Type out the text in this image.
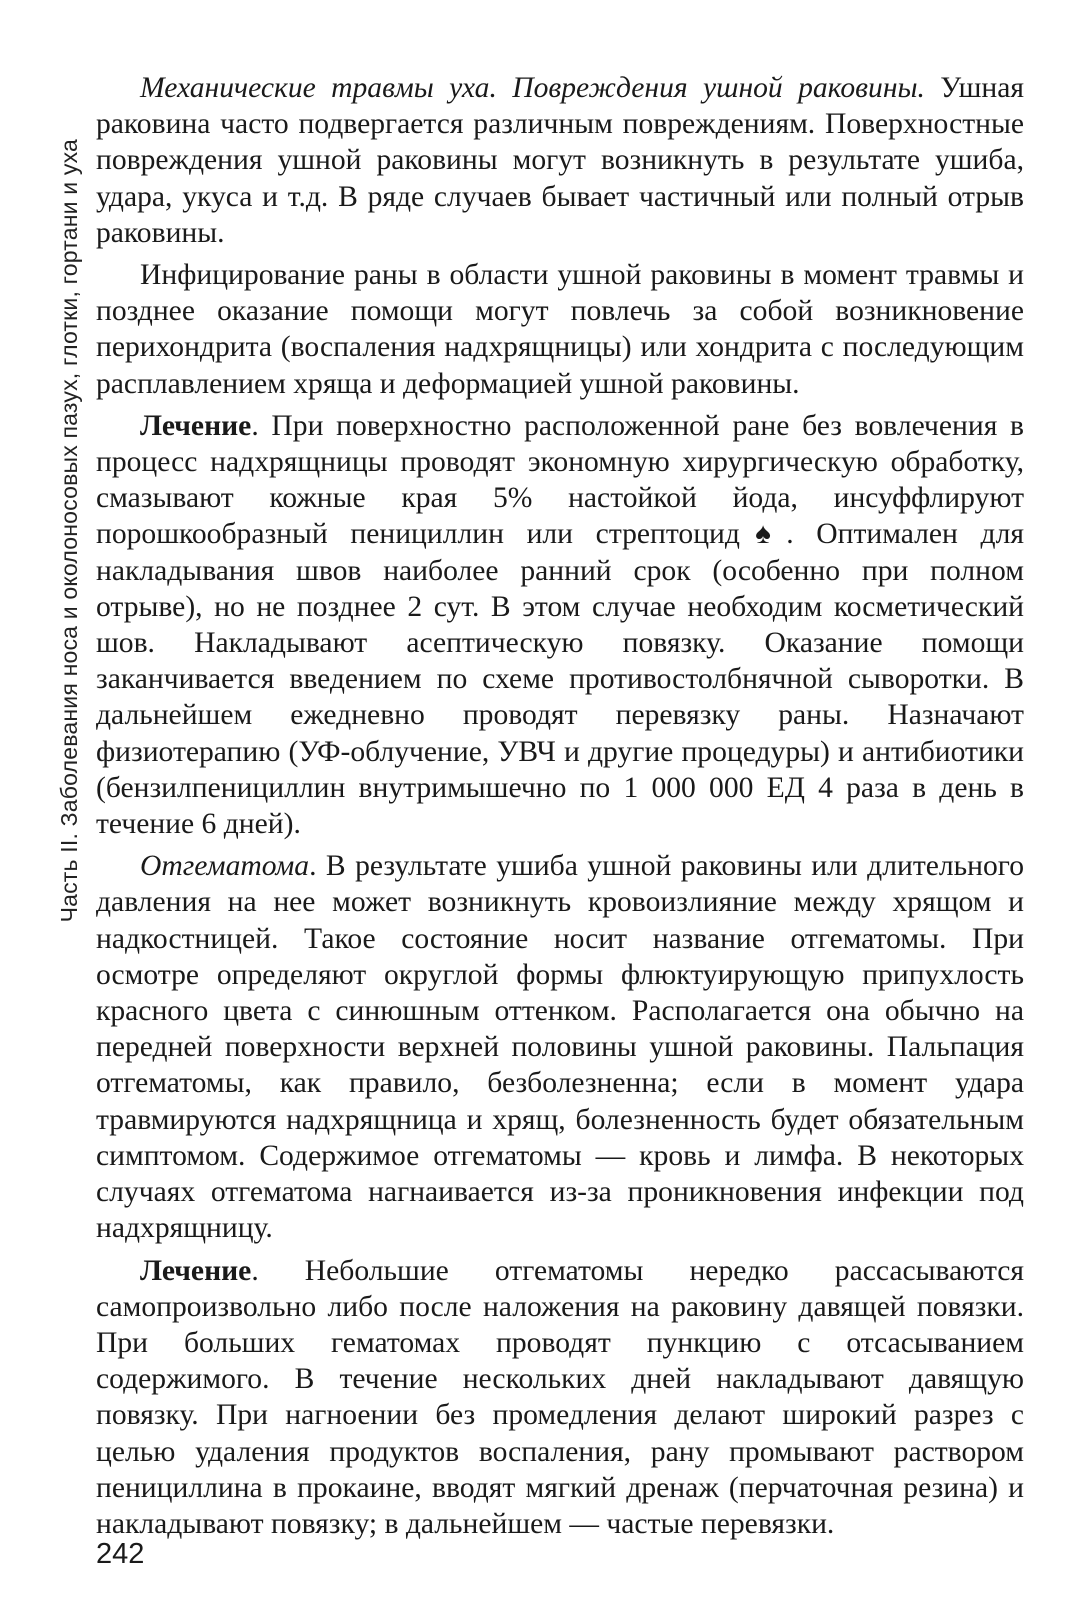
Часть II. Заболевания носа и околоносовых пазух, глотки, гортани и уха

Механические травмы уха. Повреждения ушной раковины. Ушная раковина часто подвергается различным повреждениям. Поверхностные повреждения ушной раковины могут возникнуть в результате ушиба, удара, укуса и т.д. В ряде случаев бывает частичный или полный отрыв раковины.

Инфицирование раны в области ушной раковины в момент травмы и позднее оказание помощи могут повлечь за собой возникновение перихондрита (воспаления надхрящницы) или хондрита с последующим расплавлением хряща и деформацией ушной раковины.

Лечение. При поверхностно расположенной ране без вовлечения в процесс надхрящницы проводят экономную хирургическую обработку, смазывают кожные края 5% настойкой йода, инсуффлируют порошкообразный пенициллин или стрептоцид♠. Оптимален для накладывания швов наиболее ранний срок (особенно при полном отрыве), но не позднее 2 сут. В этом случае необходим косметический шов. Накладывают асептическую повязку. Оказание помощи заканчивается введением по схеме противостолбнячной сыворотки. В дальнейшем ежедневно проводят перевязку раны. Назначают физиотерапию (УФ-облучение, УВЧ и другие процедуры) и антибиотики (бензилпенициллин внутримышечно по 1 000 000 ЕД 4 раза в день в течение 6 дней).

Отгематома. В результате ушиба ушной раковины или длительного давления на нее может возникнуть кровоизлияние между хрящом и надкостницей. Такое состояние носит название отгематомы. При осмотре определяют округлой формы флюктуирующую припухлость красного цвета с синюшным оттенком. Располагается она обычно на передней поверхности верхней половины ушной раковины. Пальпация отгематомы, как правило, безболезненна; если в момент удара травмируются надхрящница и хрящ, болезненность будет обязательным симптомом. Содержимое отгематомы — кровь и лимфа. В некоторых случаях отгематома нагнаивается из-за проникновения инфекции под надхрящницу.

Лечение. Небольшие отгематомы нередко рассасываются самопроизвольно либо после наложения на раковину давящей повязки. При больших гематомах проводят пункцию с отсасыванием содержимого. В течение нескольких дней накладывают давящую повязку. При нагноении без промедления делают широкий разрез с целью удаления продуктов воспаления, рану промывают раствором пенициллина в прокаине, вводят мягкий дренаж (перчаточная резина) и накладывают повязку; в дальнейшем — частые перевязки.

242
